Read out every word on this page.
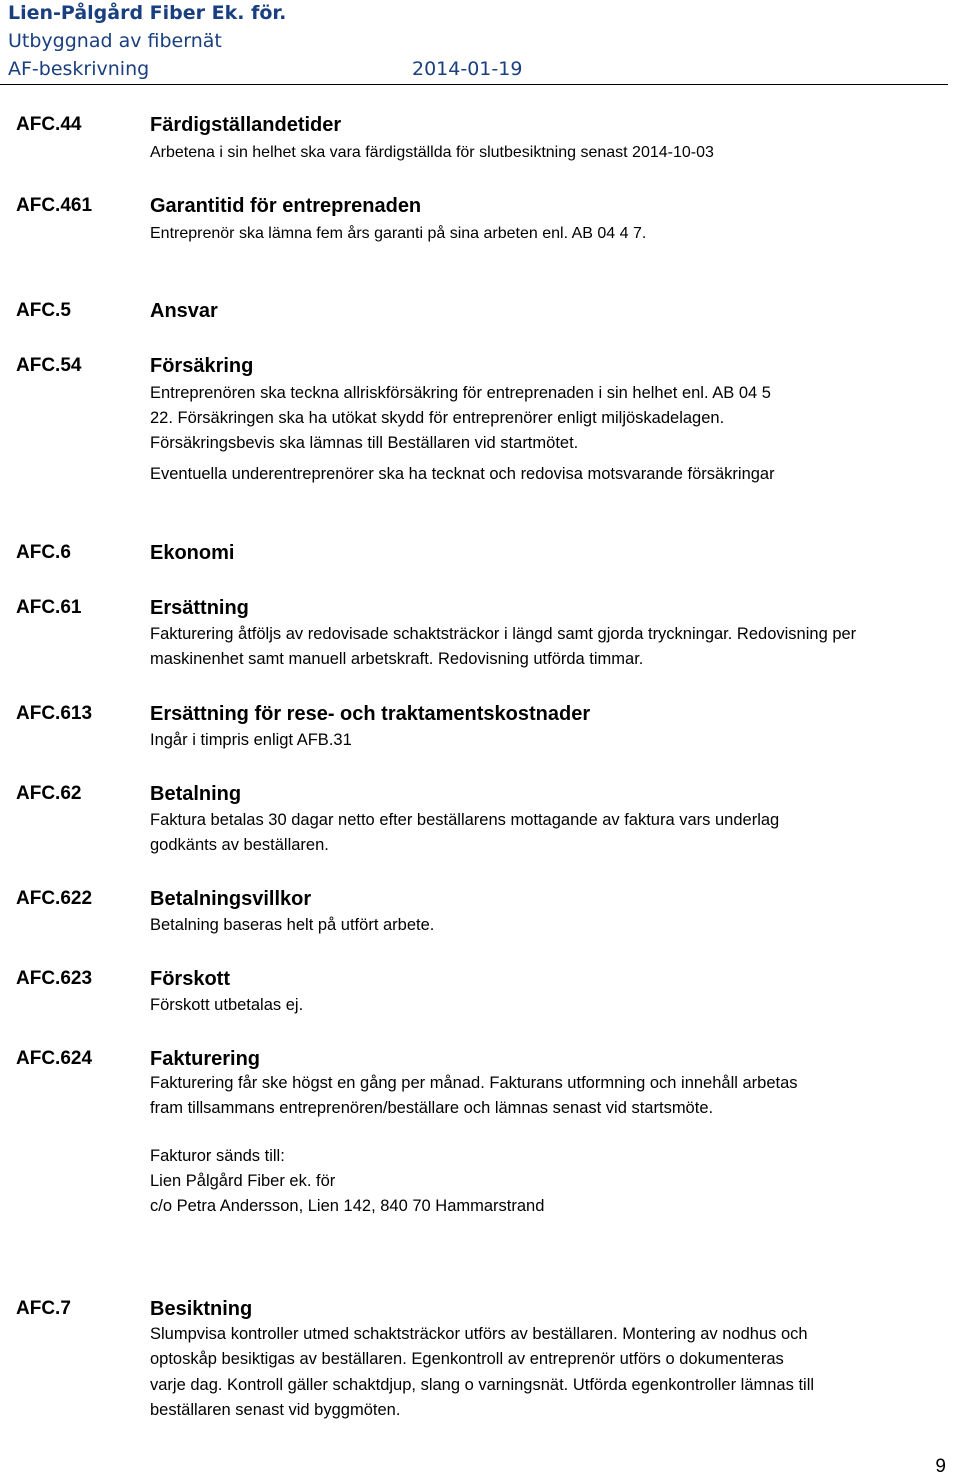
Lien-Pålgård Fiber Ek. för.
Utbyggnad av fibernät
AF-beskrivning	2014-01-19
AFC.44	Färdigställandetider
Arbetena i sin helhet ska vara färdigställda för slutbesiktning senast 2014-10-03
AFC.461	Garantitid för entreprenaden
Entreprenör ska lämna fem års garanti på sina arbeten enl. AB 04 4 7.
AFC.5	Ansvar
AFC.54	Försäkring
Entreprenören ska teckna allriskförsäkring för entreprenaden i sin helhet enl. AB 04 5
22. Försäkringen ska ha utökat skydd för entreprenörer enligt miljöskadelagen.
Försäkringsbevis ska lämnas till Beställaren vid startmötet.
Eventuella underentreprenörer ska ha tecknat och redovisa motsvarande försäkringar
AFC.6	Ekonomi
AFC.61	Ersättning
Fakturering åtföljs av redovisade schaktsträckor i längd samt gjorda tryckningar. Redovisning per
maskinenhet samt manuell arbetskraft. Redovisning utförda timmar.
AFC.613	Ersättning för rese- och traktamentskostnader
Ingår i timpris enligt AFB.31
AFC.62	Betalning
Faktura betalas 30 dagar netto efter beställarens mottagande av faktura vars underlag
godkänts av beställaren.
AFC.622	Betalningsvillkor
Betalning baseras helt på utfört arbete.
AFC.623	Förskott
Förskott utbetalas ej.
AFC.624	Fakturering
Fakturering får ske högst en gång per månad. Fakturans utformning och innehåll arbetas
fram tillsammans entreprenören/beställare och lämnas senast vid startsmöte.
Fakturor sänds till:
Lien Pålgård Fiber ek. för
c/o Petra Andersson, Lien 142, 840 70 Hammarstrand
AFC.7	Besiktning
Slumpvisa kontroller utmed schaktsträckor utförs av beställaren. Montering av nodhus och
optoskåp besiktigas av beställaren. Egenkontroll av entreprenör utförs o dokumenteras
varje dag. Kontroll gäller schaktdjup, slang o varningsnät. Utförda egenkontroller lämnas till
beställaren senast vid byggmöten.
9
